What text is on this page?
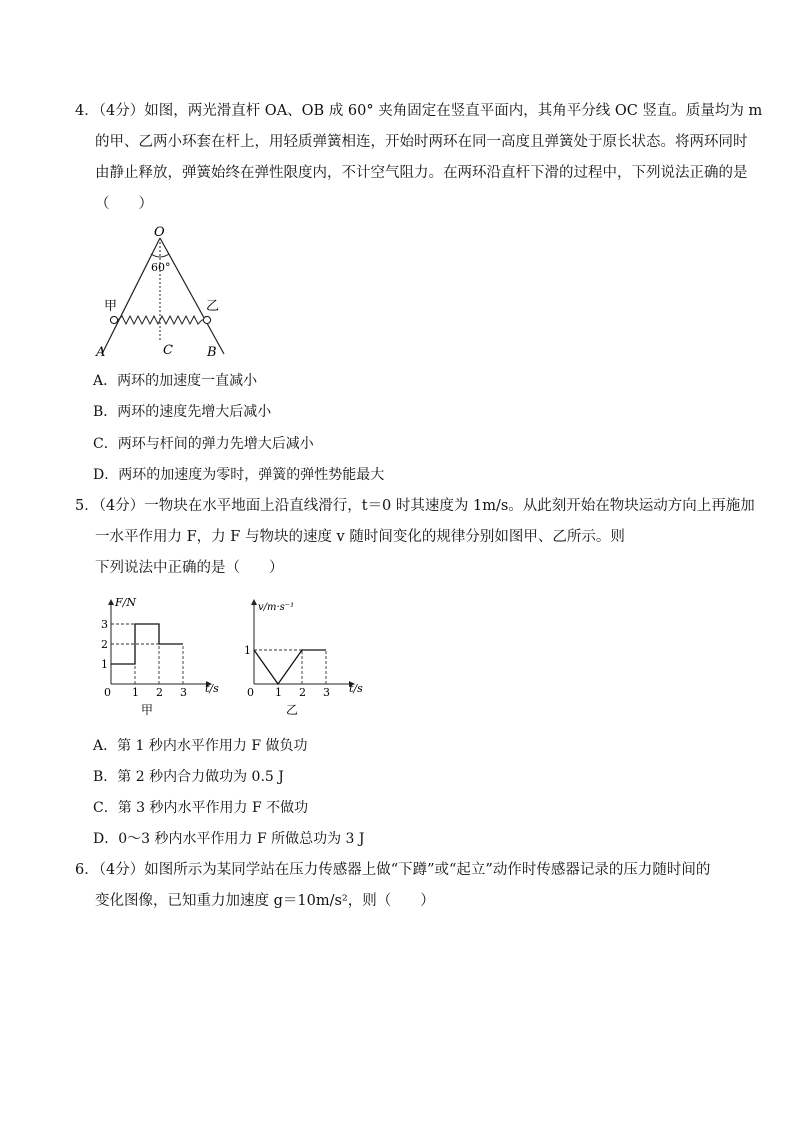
4．（4分）如图，两光滑直杆 OA、OB 成 60° 夹角固定在竖直平面内，其角平分线 OC 竖直。质量均为 m
的甲、乙两小环套在杆上，用轻质弹簧相连，开始时两环在同一高度且弹簧处于原长状态。将两环同时
由静止释放，弹簧始终在弹性限度内，不计空气阻力。在两环沿直杆下滑的过程中，下列说法正确的是
（　　）
O
60°
甲	乙
A	C	B
A．两环的加速度一直减小
B．两环的速度先增大后减小
C．两环与杆间的弹力先增大后减小
D．两环的加速度为零时，弹簧的弹性势能最大
5．（4分）一物块在水平地面上沿直线滑行，t＝0 时其速度为 1m/s。从此刻开始在物块运动方向上再施加
一水平作用力 F，力 F 与物块的速度 v 随时间变化的规律分别如图甲、乙所示。则
下列说法中正确的是（　　）
F/N
t/s
0
1
2
3
1 2 3
甲
v/m·s⁻¹
t/s
0
1
1 2 3
乙
A．第 1 秒内水平作用力 F 做负功
B．第 2 秒内合力做功为 0.5 J
C．第 3 秒内水平作用力 F 不做功
D．0～3 秒内水平作用力 F 所做总功为 3 J
6．（4分）如图所示为某同学站在压力传感器上做“下蹲”或“起立”动作时传感器记录的压力随时间的
变化图像，已知重力加速度 g＝10m/s²，则（　　）
